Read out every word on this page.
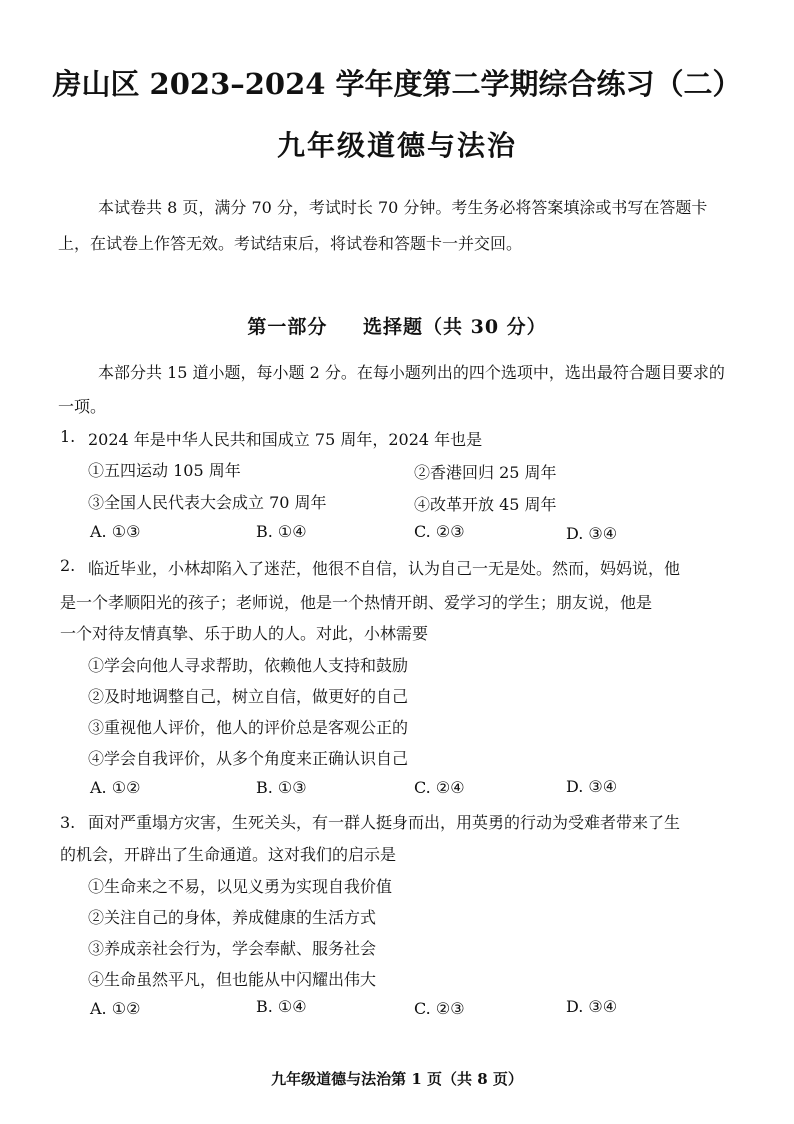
房山区 2023–2024 学年度第二学期综合练习（二）
九年级道德与法治
本试卷共 8 页，满分 70 分，考试时长 70 分钟。考生务必将答案填涂或书写在答题卡上，在试卷上作答无效。考试结束后，将试卷和答题卡一并交回。
第一部分 选择题（共 30 分）
本部分共 15 道小题，每小题 2 分。在每小题列出的四个选项中，选出最符合题目要求的一项。
1. 2024 年是中华人民共和国成立 75 周年，2024 年也是
①五四运动 105 周年	②香港回归 25 周年
③全国人民代表大会成立 70 周年	④改革开放 45 周年
A. ①③	B. ①④	C. ②③	D. ③④
2. 临近毕业，小林却陷入了迷茫，他很不自信，认为自己一无是处。然而，妈妈说，他
是一个孝顺阳光的孩子；老师说，他是一个热情开朗、爱学习的学生；朋友说，他是
一个对待友情真挚、乐于助人的人。对此，小林需要
①学会向他人寻求帮助，依赖他人支持和鼓励
②及时地调整自己，树立自信，做更好的自己
③重视他人评价，他人的评价总是客观公正的
④学会自我评价，从多个角度来正确认识自己
A. ①②	B. ①③	C. ②④	D. ③④
3. 面对严重塌方灾害，生死关头，有一群人挺身而出，用英勇的行动为受难者带来了生
的机会，开辟出了生命通道。这对我们的启示是
①生命来之不易，以见义勇为实现自我价值
②关注自己的身体，养成健康的生活方式
③养成亲社会行为，学会奉献、服务社会
④生命虽然平凡，但也能从中闪耀出伟大
A. ①②	B. ①④	C. ②③	D. ③④
九年级道德与法治第 1 页（共 8 页）
